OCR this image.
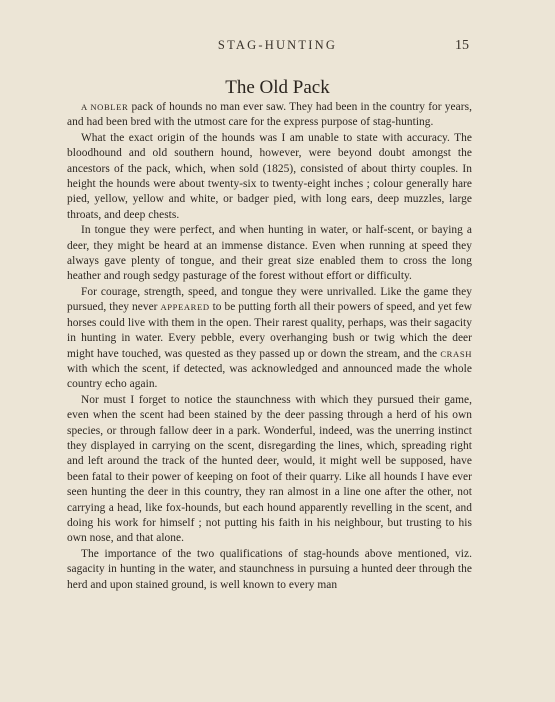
STAG-HUNTING	15
The Old Pack

A NOBLER pack of hounds no man ever saw. They had been in the country for years, and had been bred with the utmost care for the express purpose of stag-hunting.

What the exact origin of the hounds was I am unable to state with accuracy. The bloodhound and old southern hound, however, were beyond doubt amongst the ancestors of the pack, which, when sold (1825), consisted of about thirty couples. In height the hounds were about twenty-six to twenty-eight inches ; colour generally hare pied, yellow, yellow and white, or badger pied, with long ears, deep muzzles, large throats, and deep chests.

In tongue they were perfect, and when hunting in water, or half-scent, or baying a deer, they might be heard at an immense distance. Even when running at speed they always gave plenty of tongue, and their great size enabled them to cross the long heather and rough sedgy pasturage of the forest without effort or difficulty.

For courage, strength, speed, and tongue they were unrivalled. Like the game they pursued, they never APPEARED to be putting forth all their powers of speed, and yet few horses could live with them in the open. Their rarest quality, perhaps, was their sagacity in hunting in water. Every pebble, every overhanging bush or twig which the deer might have touched, was quested as they passed up or down the stream, and the CRASH with which the scent, if detected, was acknowledged and announced made the whole country echo again.

Nor must I forget to notice the staunchness with which they pursued their game, even when the scent had been stained by the deer passing through a herd of his own species, or through fallow deer in a park. Wonderful, indeed, was the unerring instinct they displayed in carrying on the scent, disregarding the lines, which, spreading right and left around the track of the hunted deer, would, it might well be supposed, have been fatal to their power of keeping on foot of their quarry. Like all hounds I have ever seen hunting the deer in this country, they ran almost in a line one after the other, not carrying a head, like fox-hounds, but each hound apparently revelling in the scent, and doing his work for himself ; not putting his faith in his neighbour, but trusting to his own nose, and that alone.

The importance of the two qualifications of stag-hounds above mentioned, viz. sagacity in hunting in the water, and staunchness in pursuing a hunted deer through the herd and upon stained ground, is well known to every man
